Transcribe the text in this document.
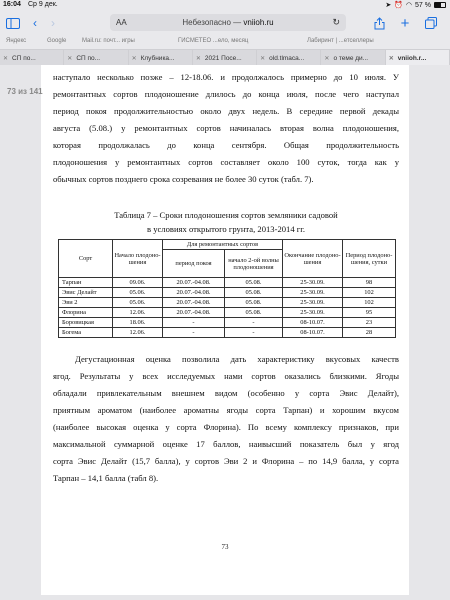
16:04 Ср 9 дек.	➤ ⏰ ◠ 57 %
‹	›	AA	Небезопасно —
vniioh.ru	↻	+
Яндекс	Google	Mail.ru: почт... игры	ГИСМЕТЕО ...ело, месяц	Лабиринт | ...етселлеры
✕ СП по...	✕ СП по...	✕ Клубника...	✕ 2021 Посе...	✕ old.tlmaca...	✕ о теме ди...	✕ vniioh.r...
73 из 141
наступало несколько позже – 12-18.06. и продолжалось примерно до 10 июля. У
ремонтантных сортов плодоношение длилось до конца июля, после чего наступал
период покоя продолжительностью около двух недель. В середине первой декады
августа (5.08.) у ремонтантных сортов начиналась вторая волна плодоношения,
которая продолжалась до конца сентября. Общая продолжительность
плодоношения у ремонтантных сортов составляет около 100 суток, тогда как у
обычных сортов позднего срока созревания не более 30 суток (табл. 7).
Таблица 7 – Сроки плодоношения сортов земляники садовой
в условиях открытого грунта, 2013-2014 гг.
Сорт	Начало плодоно-шения	Для ремонтантных сортов		Окончание плодоно-шения	Период плодоно-шения, сутки
		период покоя	начало 2-ой волны плодоношения		
Тарпан	09.06.	20.07.-04.08.	05.08.	25-30.09.	98
Эвис Делайт	05.06.	20.07.-04.08.	05.08.	25-30.09.	102
Эви 2	05.06.	20.07.-04.08.	05.08.	25-30.09.	102
Флорина	12.06.	20.07.-04.08.	05.08.	25-30.09.	95
Боровицкая	18.06.	-	-	08-10.07.	23
Богема	12.06.	-	-	08-10.07.	28
Дегустационная оценка позволила дать характеристику вкусовых качеств
ягод. Результаты у всех исследуемых нами сортов оказались близкими. Ягоды
обладали привлекательным внешнем видом (особенно у сорта Эвис Делайт),
приятным ароматом (наиболее ароматны ягоды сорта Тарпан) и хорошим вкусом
(наиболее высокая оценка у сорта Флорина). По всему комплексу признаков, при
максимальной суммарной оценке 17 баллов, наивысший показатель был у ягод
сорта Эвис Делайт (15,7 балла), у сортов Эви 2 и Флорина – по 14,9 балла, у сорта
Тарпан – 14,1 балла (табл 8).
73
